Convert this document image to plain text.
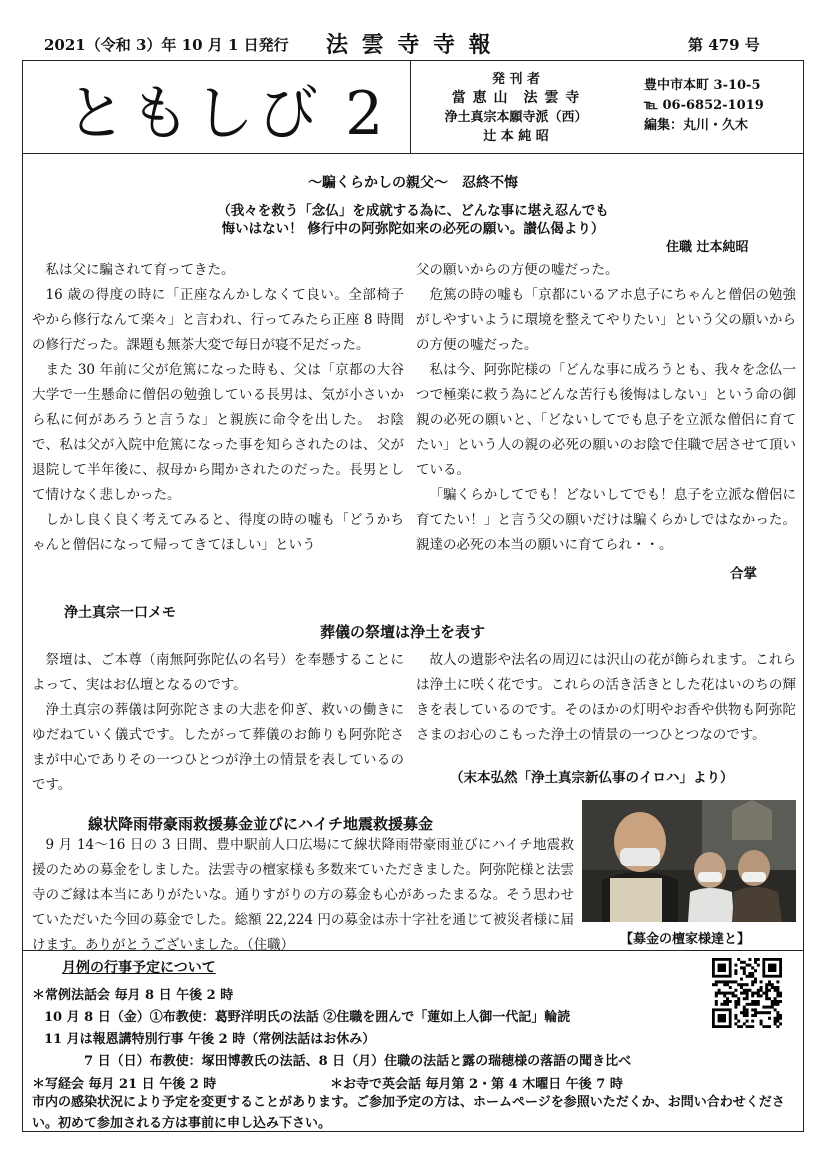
2021（令和 3）年 10 月 1 日発行 法 雲 寺 寺 報	第 479 号
ともしび 2	発 刊 者
當 恵 山　法 雲 寺
浄土真宗本願寺派（西）
辻 本 純 昭
豊中市本町 3-10-5
℡ 06-6852-1019
編集：丸川・久木
～騙くらかしの親父～　忍終不悔
（我々を救う「念仏」を成就する為に、どんな事に堪え忍んでも
悔いはない！ 修行中の阿弥陀如来の必死の願い。讃仏偈より）
住職 辻本純昭

私は父に騙されて育ってきた。

16 歳の得度の時に「正座なんかしなくて良い。全部椅子やから修行なんて楽々」と言われ、行ってみたら正座 8 時間の修行だった。課題も無茶大変で毎日が寝不足だった。

また 30 年前に父が危篤になった時も、父は「京都の大谷大学で一生懸命に僧侶の勉強している長男は、気が小さいから私に何があろうと言うな」と親族に命令を出した。 お陰で、私は父が入院中危篤になった事を知らされたのは、父が退院して半年後に、叔母から聞かされたのだった。長男として情けなく悲しかった。

しかし良く良く考えてみると、得度の時の嘘も「どうかちゃんと僧侶になって帰ってきてほしい」という

父の願いからの方便の嘘だった。

危篤の時の嘘も「京都にいるアホ息子にちゃんと僧侶の勉強がしやすいように環境を整えてやりたい」という父の願いからの方便の嘘だった。

私は今、阿弥陀様の「どんな事に成ろうとも、我々を念仏一つで極楽に救う為にどんな苦行も後悔はしない」という命の御親の必死の願いと、「どないしてでも息子を立派な僧侶に育てたい」という人の親の必死の願いのお陰で住職で居させて頂いている。

「騙くらかしてでも！どないしてでも！息子を立派な僧侶に育てたい！」と言う父の願いだけは騙くらかしではなかった。親達の必死の本当の願いに育てられ・・。

合掌
浄土真宗一口メモ
葬儀の祭壇は浄土を表す

祭壇は、ご本尊（南無阿弥陀仏の名号）を奉懸することによって、実はお仏壇となるのです。

浄土真宗の葬儀は阿弥陀さまの大悲を仰ぎ、救いの働きにゆだねていく儀式です。したがって葬儀のお飾りも阿弥陀さまが中心でありその一つひとつが浄土の情景を表しているのです。

故人の遺影や法名の周辺には沢山の花が飾られます。これらは浄土に咲く花です。これらの活き活きとした花はいのちの輝きを表しているのです。そのほかの灯明やお香や供物も阿弥陀さまのお心のこもった浄土の情景の一つひとつなのです。

（末本弘然「浄土真宗新仏事のイロハ」より）
線状降雨帯豪雨救援募金並びにハイチ地震救援募金

9 月 14～16 日の 3 日間、豊中駅前人口広場にて線状降雨帯豪雨並びにハイチ地震救援のための募金をしました。法雲寺の檀家様も多数来ていただきました。阿弥陀様と法雲寺のご縁は本当にありがたいな。通りすがりの方の募金も心があったまるな。そう思わせていただいた今回の募金でした。総額 22,224 円の募金は赤十字社を通じて被災者様に届けます。ありがとうございました。（住職）	【募金の檀家様達と】
月例の行事予定について
＊常例法話会 毎月 8 日 午後 2 時
10 月 8 日（金）①布教使：葛野洋明氏の法話 ②住職を囲んで「蓮如上人御一代記」輪読
11 月は報恩講特別行事 午後 2 時（常例法話はお休み）
7 日（日）布教使：塚田博教氏の法話、8 日（月）住職の法話と露の瑞穂様の落語の聞き比べ
＊写経会 毎月 21 日 午後 2 時	＊お寺で英会話 毎月第 2・第 4 木曜日 午後 7 時
市内の感染状況により予定を変更することがあります。ご参加予定の方は、ホームページを参照いただくか、お問い合わせください。初めて参加される方は事前に申し込み下さい。
